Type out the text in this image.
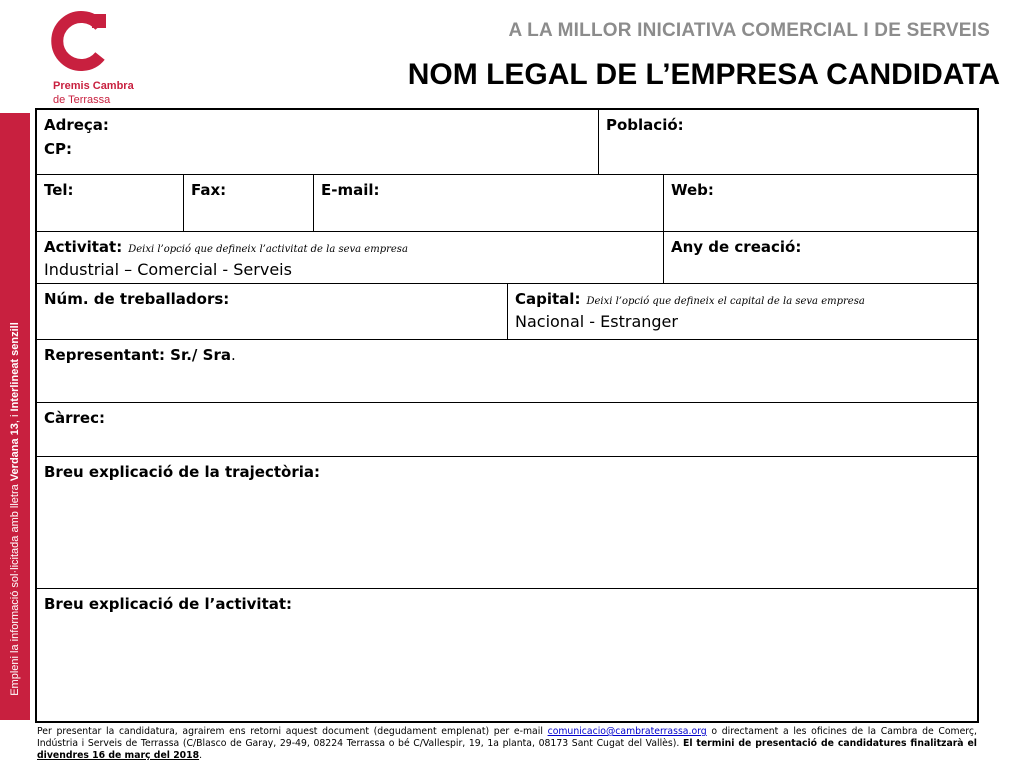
Premis Cambra
de Terrassa
A LA MILLOR INICIATIVA COMERCIAL I DE SERVEIS
NOM LEGAL DE L’EMPRESA CANDIDATA
Empleni la informació sol·licitada amb lletra Verdana 13, i Interlineat senzill
Adreça:
CP:
Població:
Tel:	Fax:	E-mail:	Web:
Activitat: Deixi l’opció que defineix l’activitat de la seva empresa
Industrial – Comercial - Serveis
Any de creació:
Núm. de treballadors:	Capital: Deixi l’opció que defineix el capital de la seva empresa
Nacional - Estranger
Representant: Sr./ Sra.
Càrrec:
Breu explicació de la trajectòria:
Breu explicació de l’activitat:
Per presentar la candidatura, agrairem ens retorni aquest document (degudament emplenat) per e-mail comunicacio@cambraterrassa.org o directament a les oficines de la Cambra de Comerç, Indústria i Serveis de Terrassa (C/Blasco de Garay, 29-49, 08224 Terrassa o bé C/Vallespir, 19, 1a planta, 08173 Sant Cugat del Vallès). El termini de presentació de candidatures finalitzarà el divendres 16 de març del 2018.
